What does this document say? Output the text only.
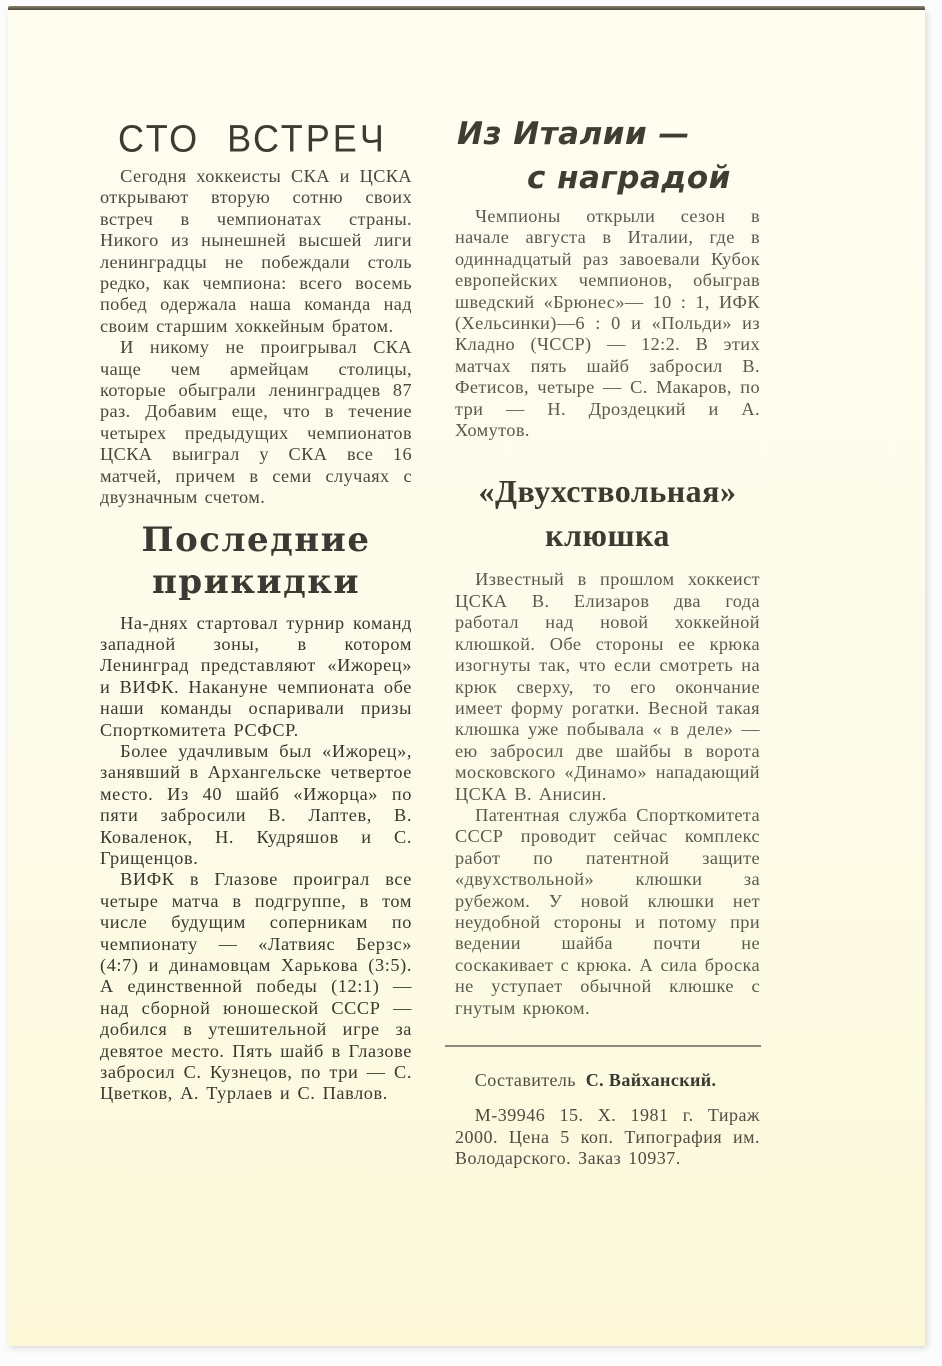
СТО ВСТРЕЧ

Сегодня хоккеисты СКА и ЦСКА открывают вторую сотню своих встреч в чемпионатах страны. Никого из нынешней высшей лиги ленинградцы не побеждали столь редко, как чемпиона: всего восемь побед одержала наша команда над своим старшим хоккейным братом.

И никому не проигрывал СКА чаще чем армейцам столицы, которые обыграли ленинградцев 87 раз. Добавим еще, что в течение четырех предыдущих чемпионатов ЦСКА выиграл у СКА все 16 матчей, причем в семи случаях с двузначным счетом.

Последние
прикидки

На-днях стартовал турнир команд западной зоны, в котором Ленинград представляют «Ижорец» и ВИФК. Накануне чемпионата обе наши команды оспаривали призы Спорткомитета РСФСР.

Более удачливым был «Ижорец», занявший в Архангельске четвертое место. Из 40 шайб «Ижорца» по пяти забросили В. Лаптев, В. Коваленок, Н. Кудряшов и С. Грищенцов.

ВИФК в Глазове проиграл все четыре матча в подгруппе, в том числе будущим соперникам по чемпионату — «Латвияс Берзс» (4:7) и динамовцам Харькова (3:5). А единственной победы (12:1) — над сборной юношеской СССР — добился в утешительной игре за девятое место. Пять шайб в Глазове забросил С. Кузнецов, по три — С. Цветков, А. Турлаев и С. Павлов.

Из Италии —
с наградой

Чемпионы открыли сезон в начале августа в Италии, где в одиннадцатый раз завоевали Кубок европейских чемпионов, обыграв шведский «Брюнес»— 10 : 1, ИФК (Хельсинки)—6 : 0 и «Польди» из Кладно (ЧССР) — 12:2. В этих матчах пять шайб забросил В. Фетисов, четыре — С. Макаров, по три — Н. Дроздецкий и А. Хомутов.

«Двухствольная»
клюшка

Известный в прошлом хоккеист ЦСКА В. Елизаров два года работал над новой хоккейной клюшкой. Обе стороны ее крюка изогнуты так, что если смотреть на крюк сверху, то его окончание имеет форму рогатки. Весной такая клюшка уже побывала « в деле» — ею забросил две шайбы в ворота московского «Динамо» нападающий ЦСКА В. Анисин.

Патентная служба Спорткомитета СССР проводит сейчас комплекс работ по патентной защите «двухствольной» клюшки за рубежом. У новой клюшки нет неудобной стороны и потому при ведении шайба почти не соскакивает с крюка. А сила броска не уступает обычной клюшке с гнутым крюком.

Составитель С. Вайханский.

М-39946 15. Х. 1981 г. Тираж 2000. Цена 5 коп. Типография им. Володарского. Заказ 10937.
